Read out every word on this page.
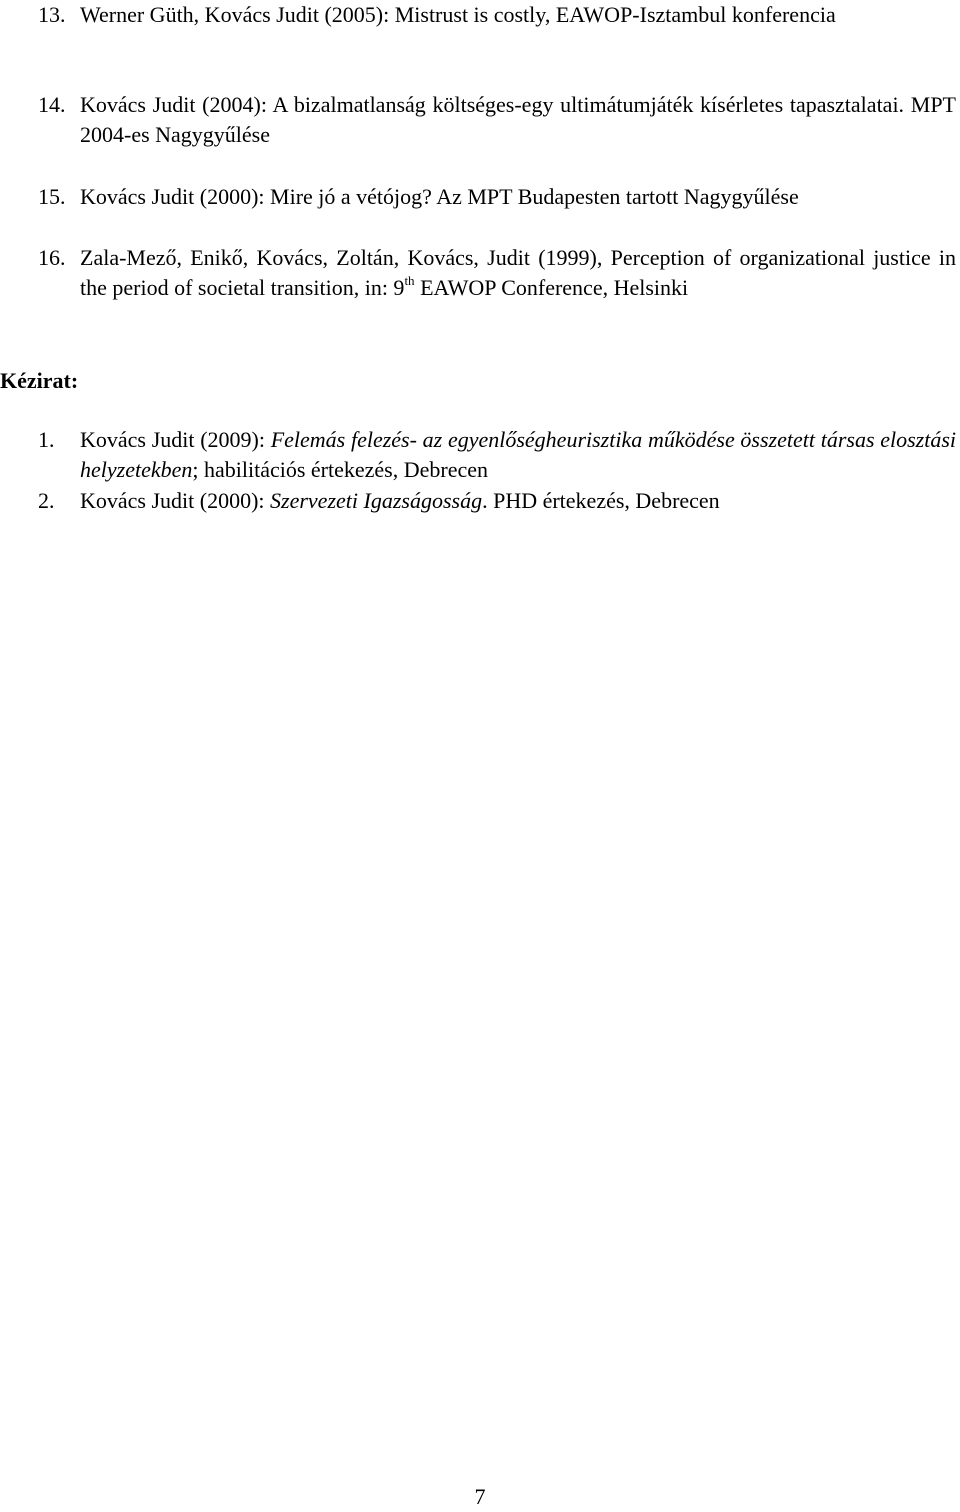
13. Werner Güth, Kovács Judit (2005): Mistrust is costly, EAWOP-Isztambul konferencia
14. Kovács Judit (2004): A bizalmatlanság költséges-egy ultimátumjáték kísérletes tapasztalatai. MPT 2004-es Nagygyűlése
15. Kovács Judit (2000): Mire jó a vétójog? Az MPT Budapesten tartott Nagygyűlése
16. Zala-Mező, Enikő, Kovács, Zoltán, Kovács, Judit (1999), Perception of organizational justice in the period of societal transition, in: 9th EAWOP Conference, Helsinki
Kézirat:
1.	Kovács Judit (2009): Felemás felezés- az egyenlőségheurisztika működése összetett társas elosztási helyzetekben; habilitációs értekezés, Debrecen
2.	Kovács Judit (2000): Szervezeti Igazságosság. PHD értekezés, Debrecen
7
